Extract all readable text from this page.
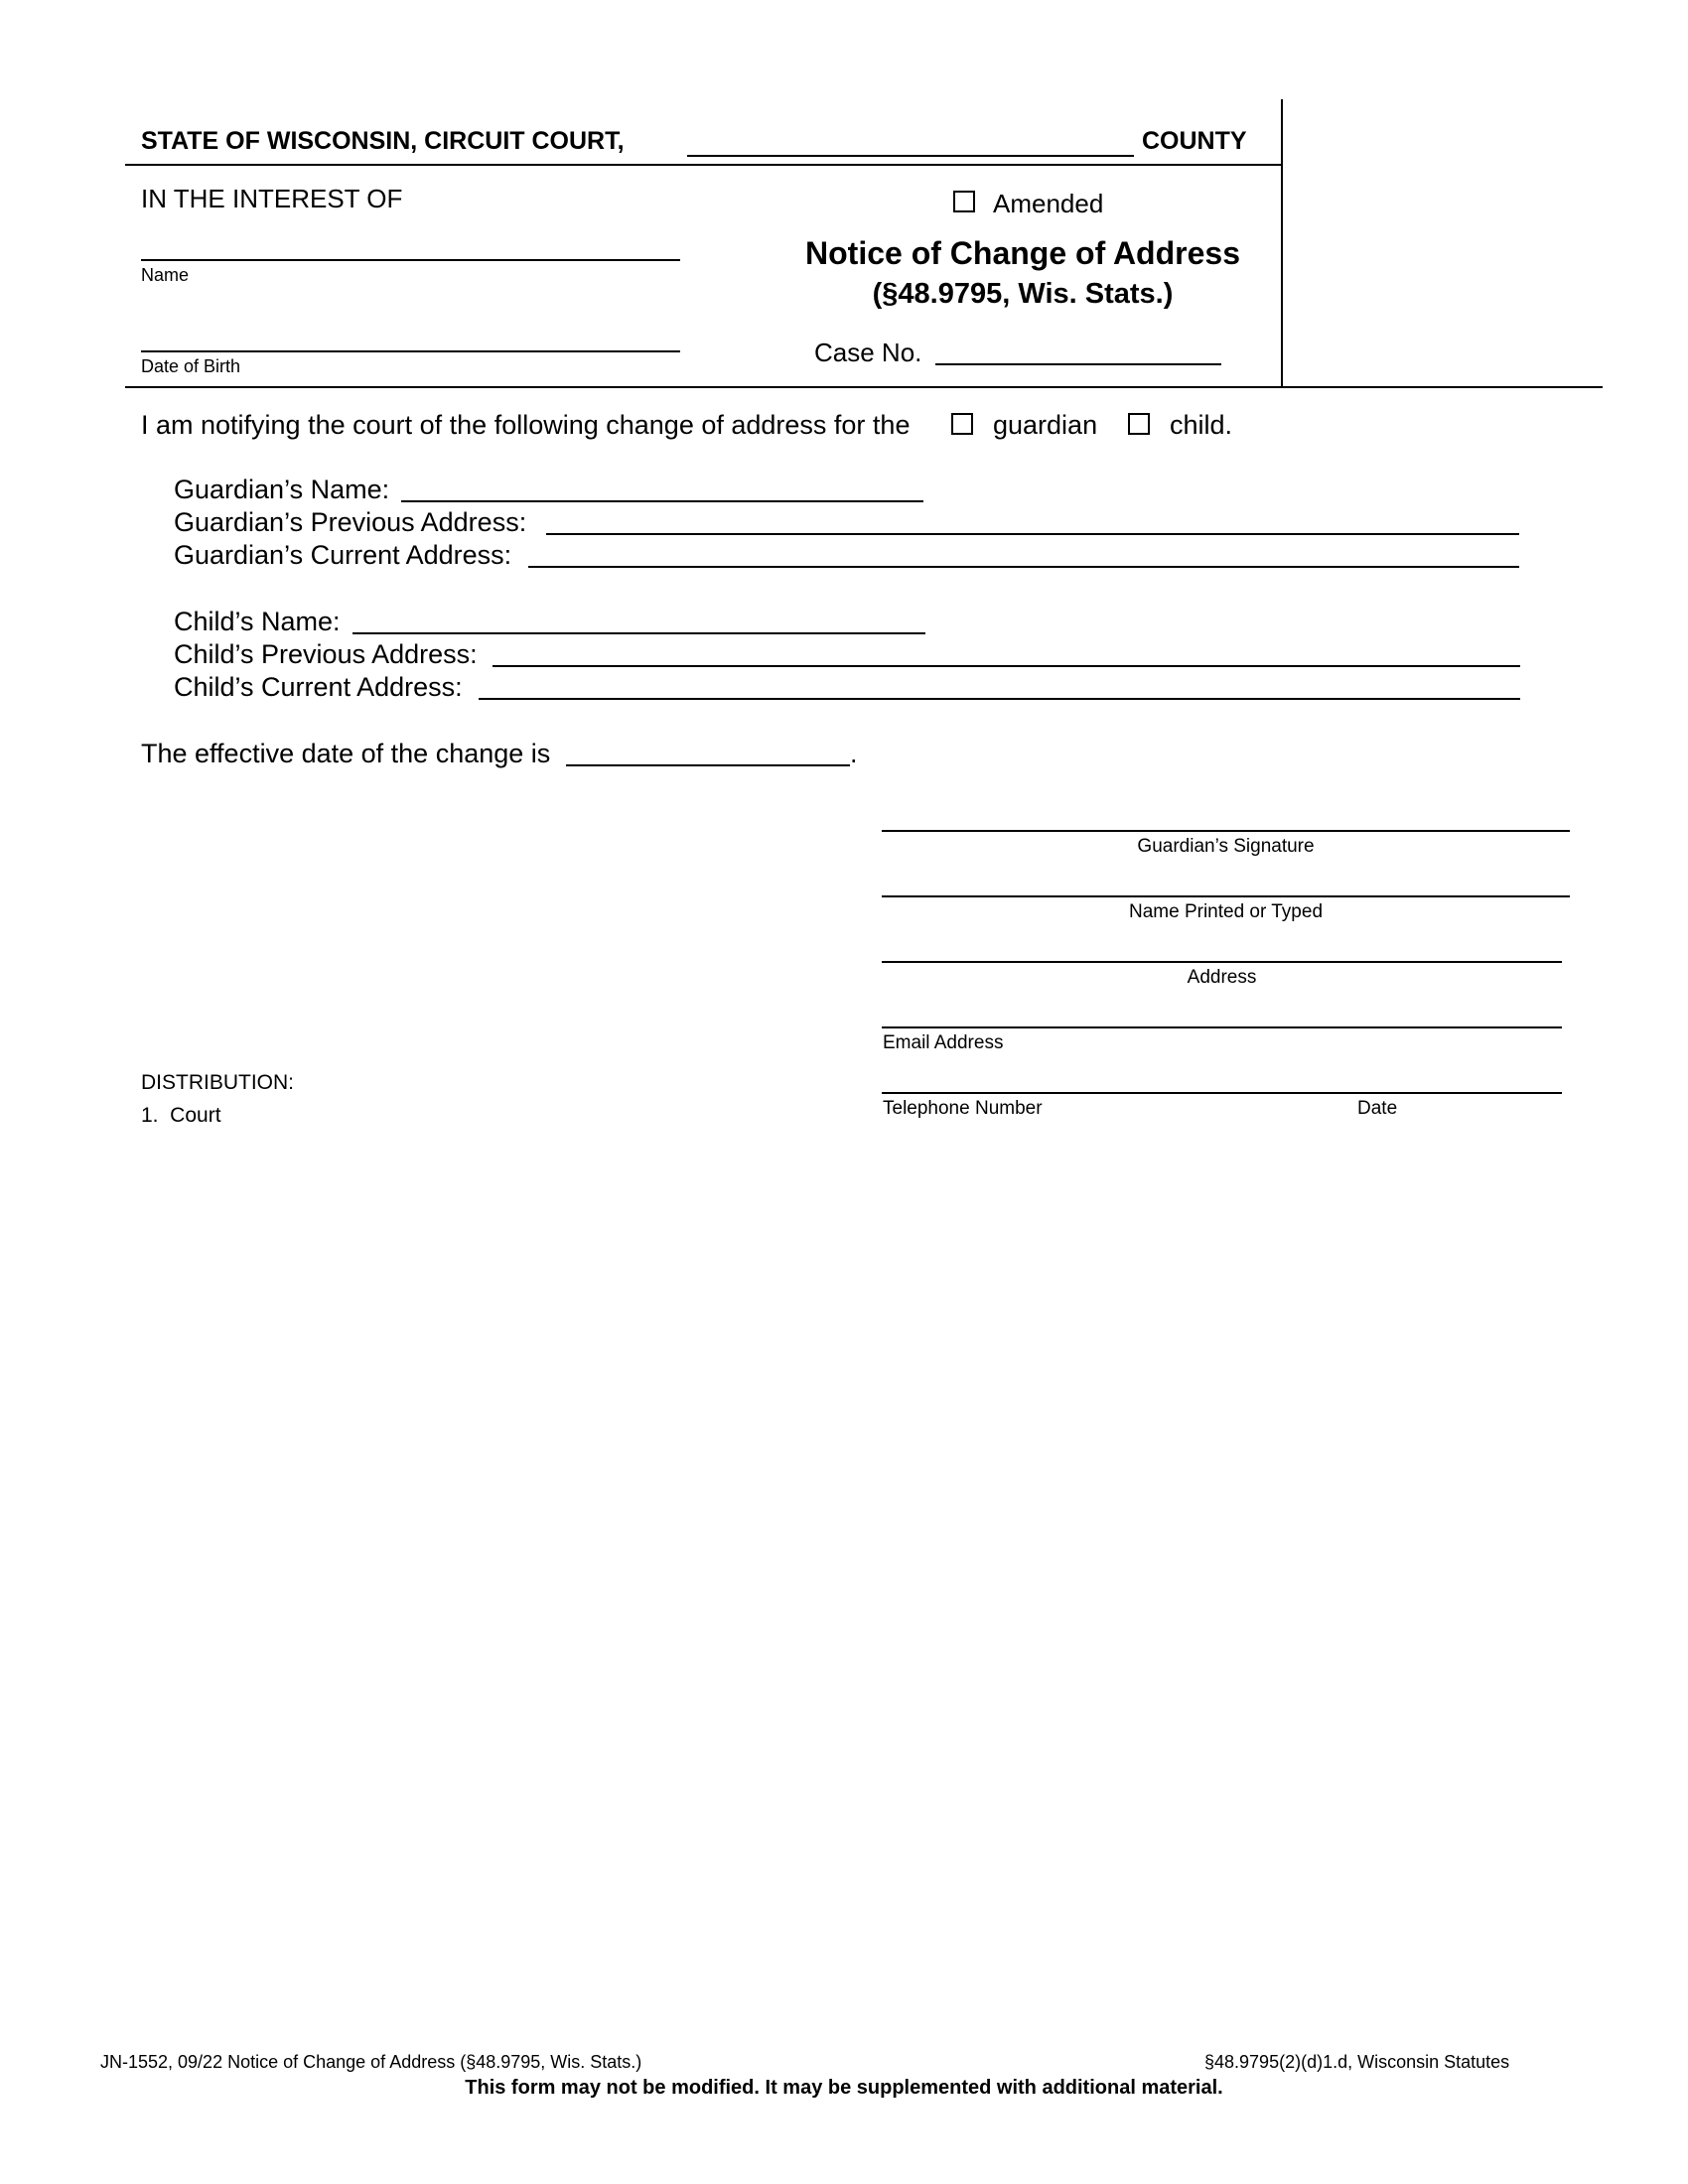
STATE OF WISCONSIN, CIRCUIT COURT,	COUNTY
IN THE INTEREST OF
Name
Date of Birth
Amended
Notice of Change of Address
(§48.9795, Wis. Stats.)
Case No.
I am notifying the court of the following change of address for the	guardian	child.
Guardian’s Name:
Guardian’s Previous Address:
Guardian’s Current Address:
Child’s Name:
Child’s Previous Address:
Child’s Current Address:
The effective date of the change is	.
Guardian’s Signature
Name Printed or Typed
Address
Email Address
Telephone Number	Date
DISTRIBUTION:
1.  Court
JN-1552, 09/22 Notice of Change of Address (§48.9795, Wis. Stats.)	§48.9795(2)(d)1.d, Wisconsin Statutes
This form may not be modified. It may be supplemented with additional material.
